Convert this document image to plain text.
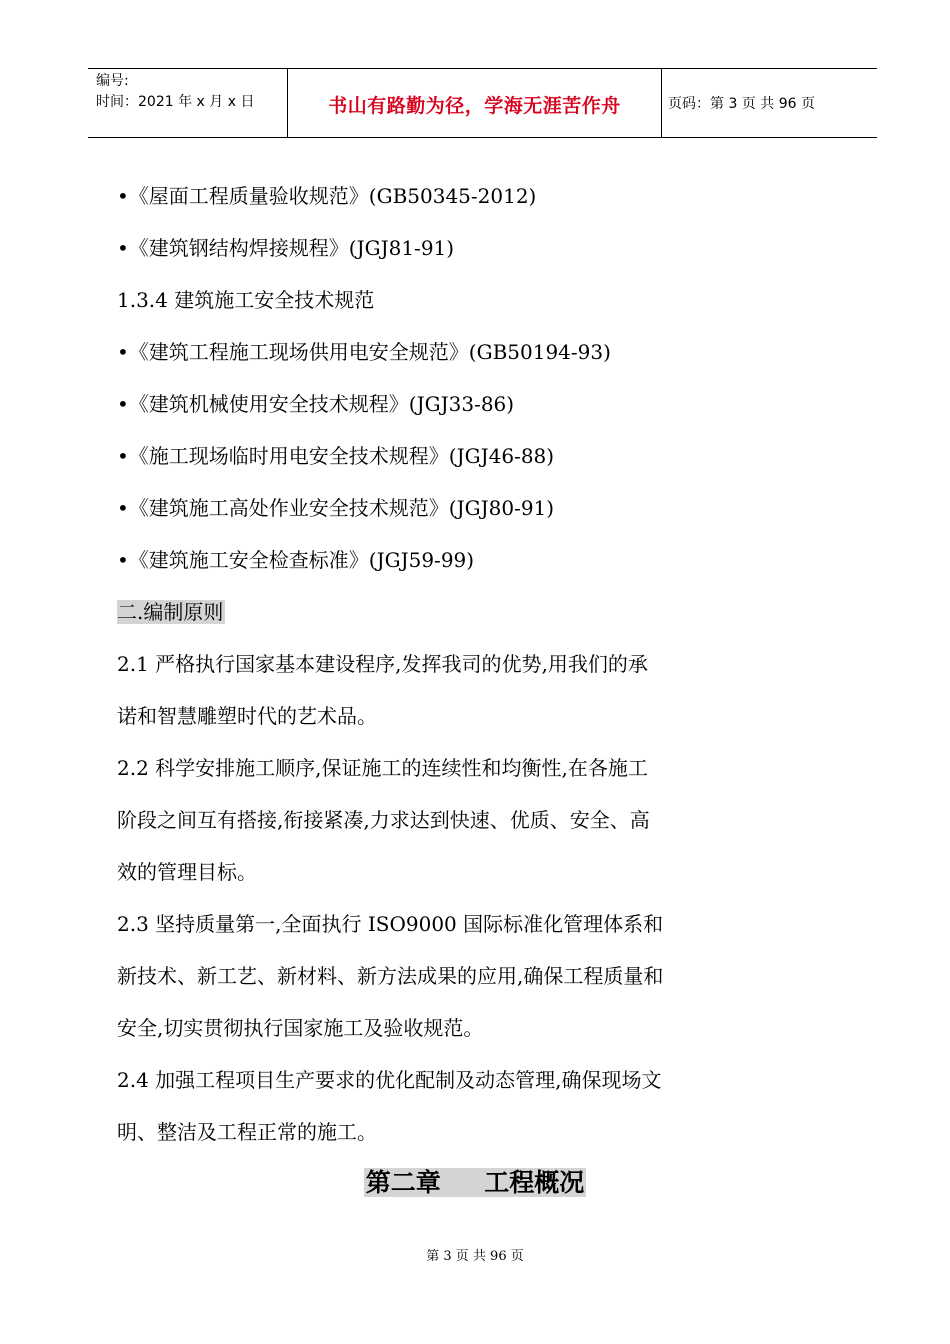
编号:
时间：2021 年 x 月 x 日	书山有路勤为径，学海无涯苦作舟	页码：第 3 页 共 96 页
•《屋面工程质量验收规范》(GB50345-2012)
•《建筑钢结构焊接规程》(JGJ81-91)
1.3.4 建筑施工安全技术规范
•《建筑工程施工现场供用电安全规范》(GB50194-93)
•《建筑机械使用安全技术规程》(JGJ33-86)
•《施工现场临时用电安全技术规程》(JGJ46-88)
•《建筑施工高处作业安全技术规范》(JGJ80-91)
•《建筑施工安全检查标准》(JGJ59-99)
二.编制原则
2.1 严格执行国家基本建设程序,发挥我司的优势,用我们的承
诺和智慧雕塑时代的艺术品。
2.2 科学安排施工顺序,保证施工的连续性和均衡性,在各施工
阶段之间互有搭接,衔接紧凑,力求达到快速、优质、安全、高
效的管理目标。
2.3 坚持质量第一,全面执行 ISO9000 国际标准化管理体系和
新技术、新工艺、新材料、新方法成果的应用,确保工程质量和
安全,切实贯彻执行国家施工及验收规范。
2.4 加强工程项目生产要求的优化配制及动态管理,确保现场文
明、整洁及工程正常的施工。
第二章     工程概况
第 3 页 共 96 页
